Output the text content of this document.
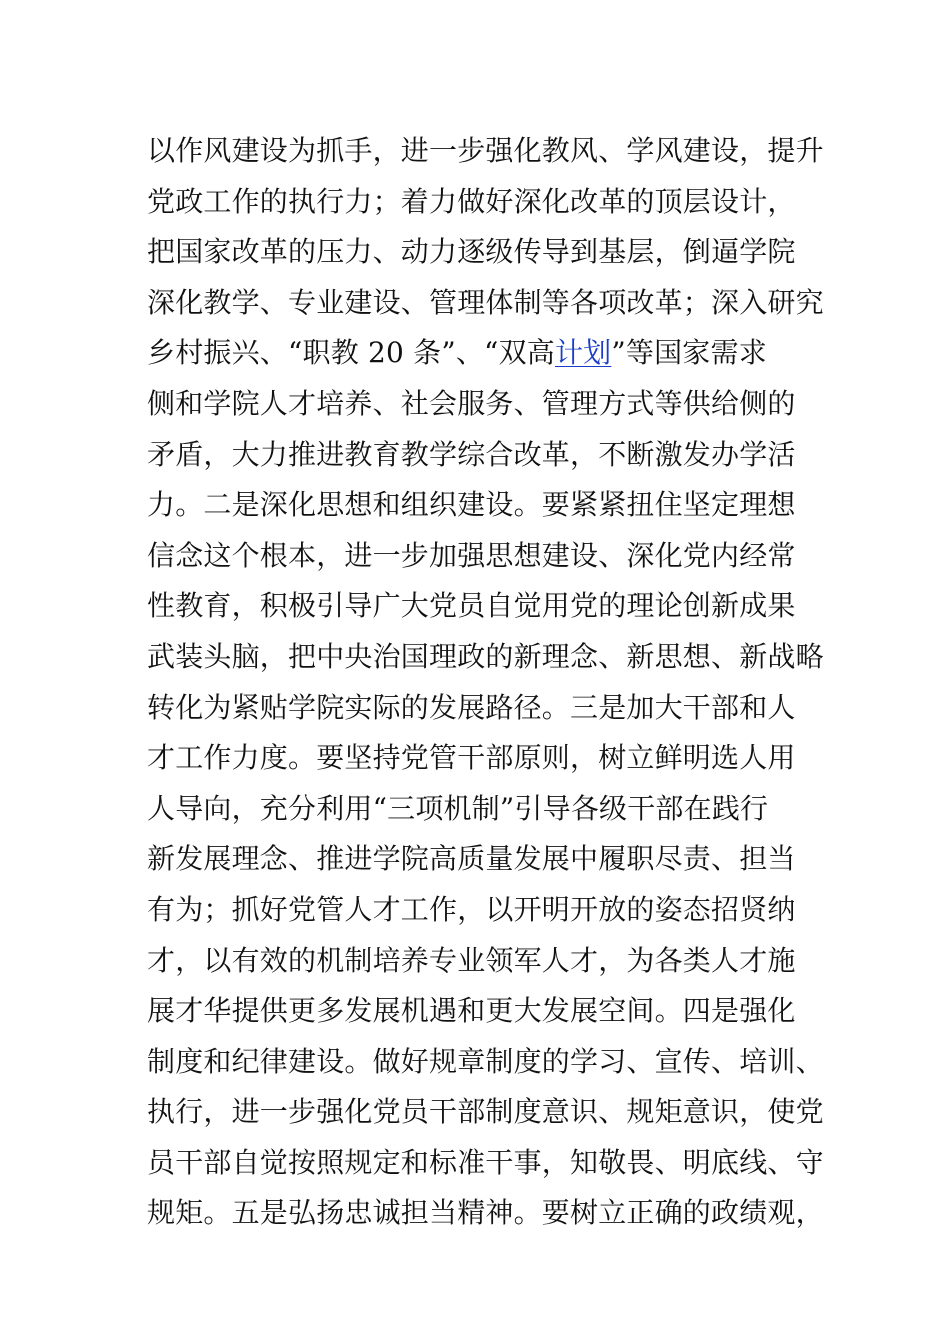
以作风建设为抓手，进一步强化教风、学风建设，提升
党政工作的执行力；着力做好深化改革的顶层设计，
把国家改革的压力、动力逐级传导到基层，倒逼学院
深化教学、专业建设、管理体制等各项改革；深入研究
乡村振兴、“职教 20 条”、“双高计划”等国家需求
侧和学院人才培养、社会服务、管理方式等供给侧的
矛盾，大力推进教育教学综合改革，不断激发办学活
力。二是深化思想和组织建设。要紧紧扭住坚定理想
信念这个根本，进一步加强思想建设、深化党内经常
性教育，积极引导广大党员自觉用党的理论创新成果
武装头脑，把中央治国理政的新理念、新思想、新战略
转化为紧贴学院实际的发展路径。三是加大干部和人
才工作力度。要坚持党管干部原则，树立鲜明选人用
人导向，充分利用“三项机制”引导各级干部在践行
新发展理念、推进学院高质量发展中履职尽责、担当
有为；抓好党管人才工作，以开明开放的姿态招贤纳
才，以有效的机制培养专业领军人才，为各类人才施
展才华提供更多发展机遇和更大发展空间。四是强化
制度和纪律建设。做好规章制度的学习、宣传、培训、
执行，进一步强化党员干部制度意识、规矩意识，使党
员干部自觉按照规定和标准干事，知敬畏、明底线、守
规矩。五是弘扬忠诚担当精神。要树立正确的政绩观，
